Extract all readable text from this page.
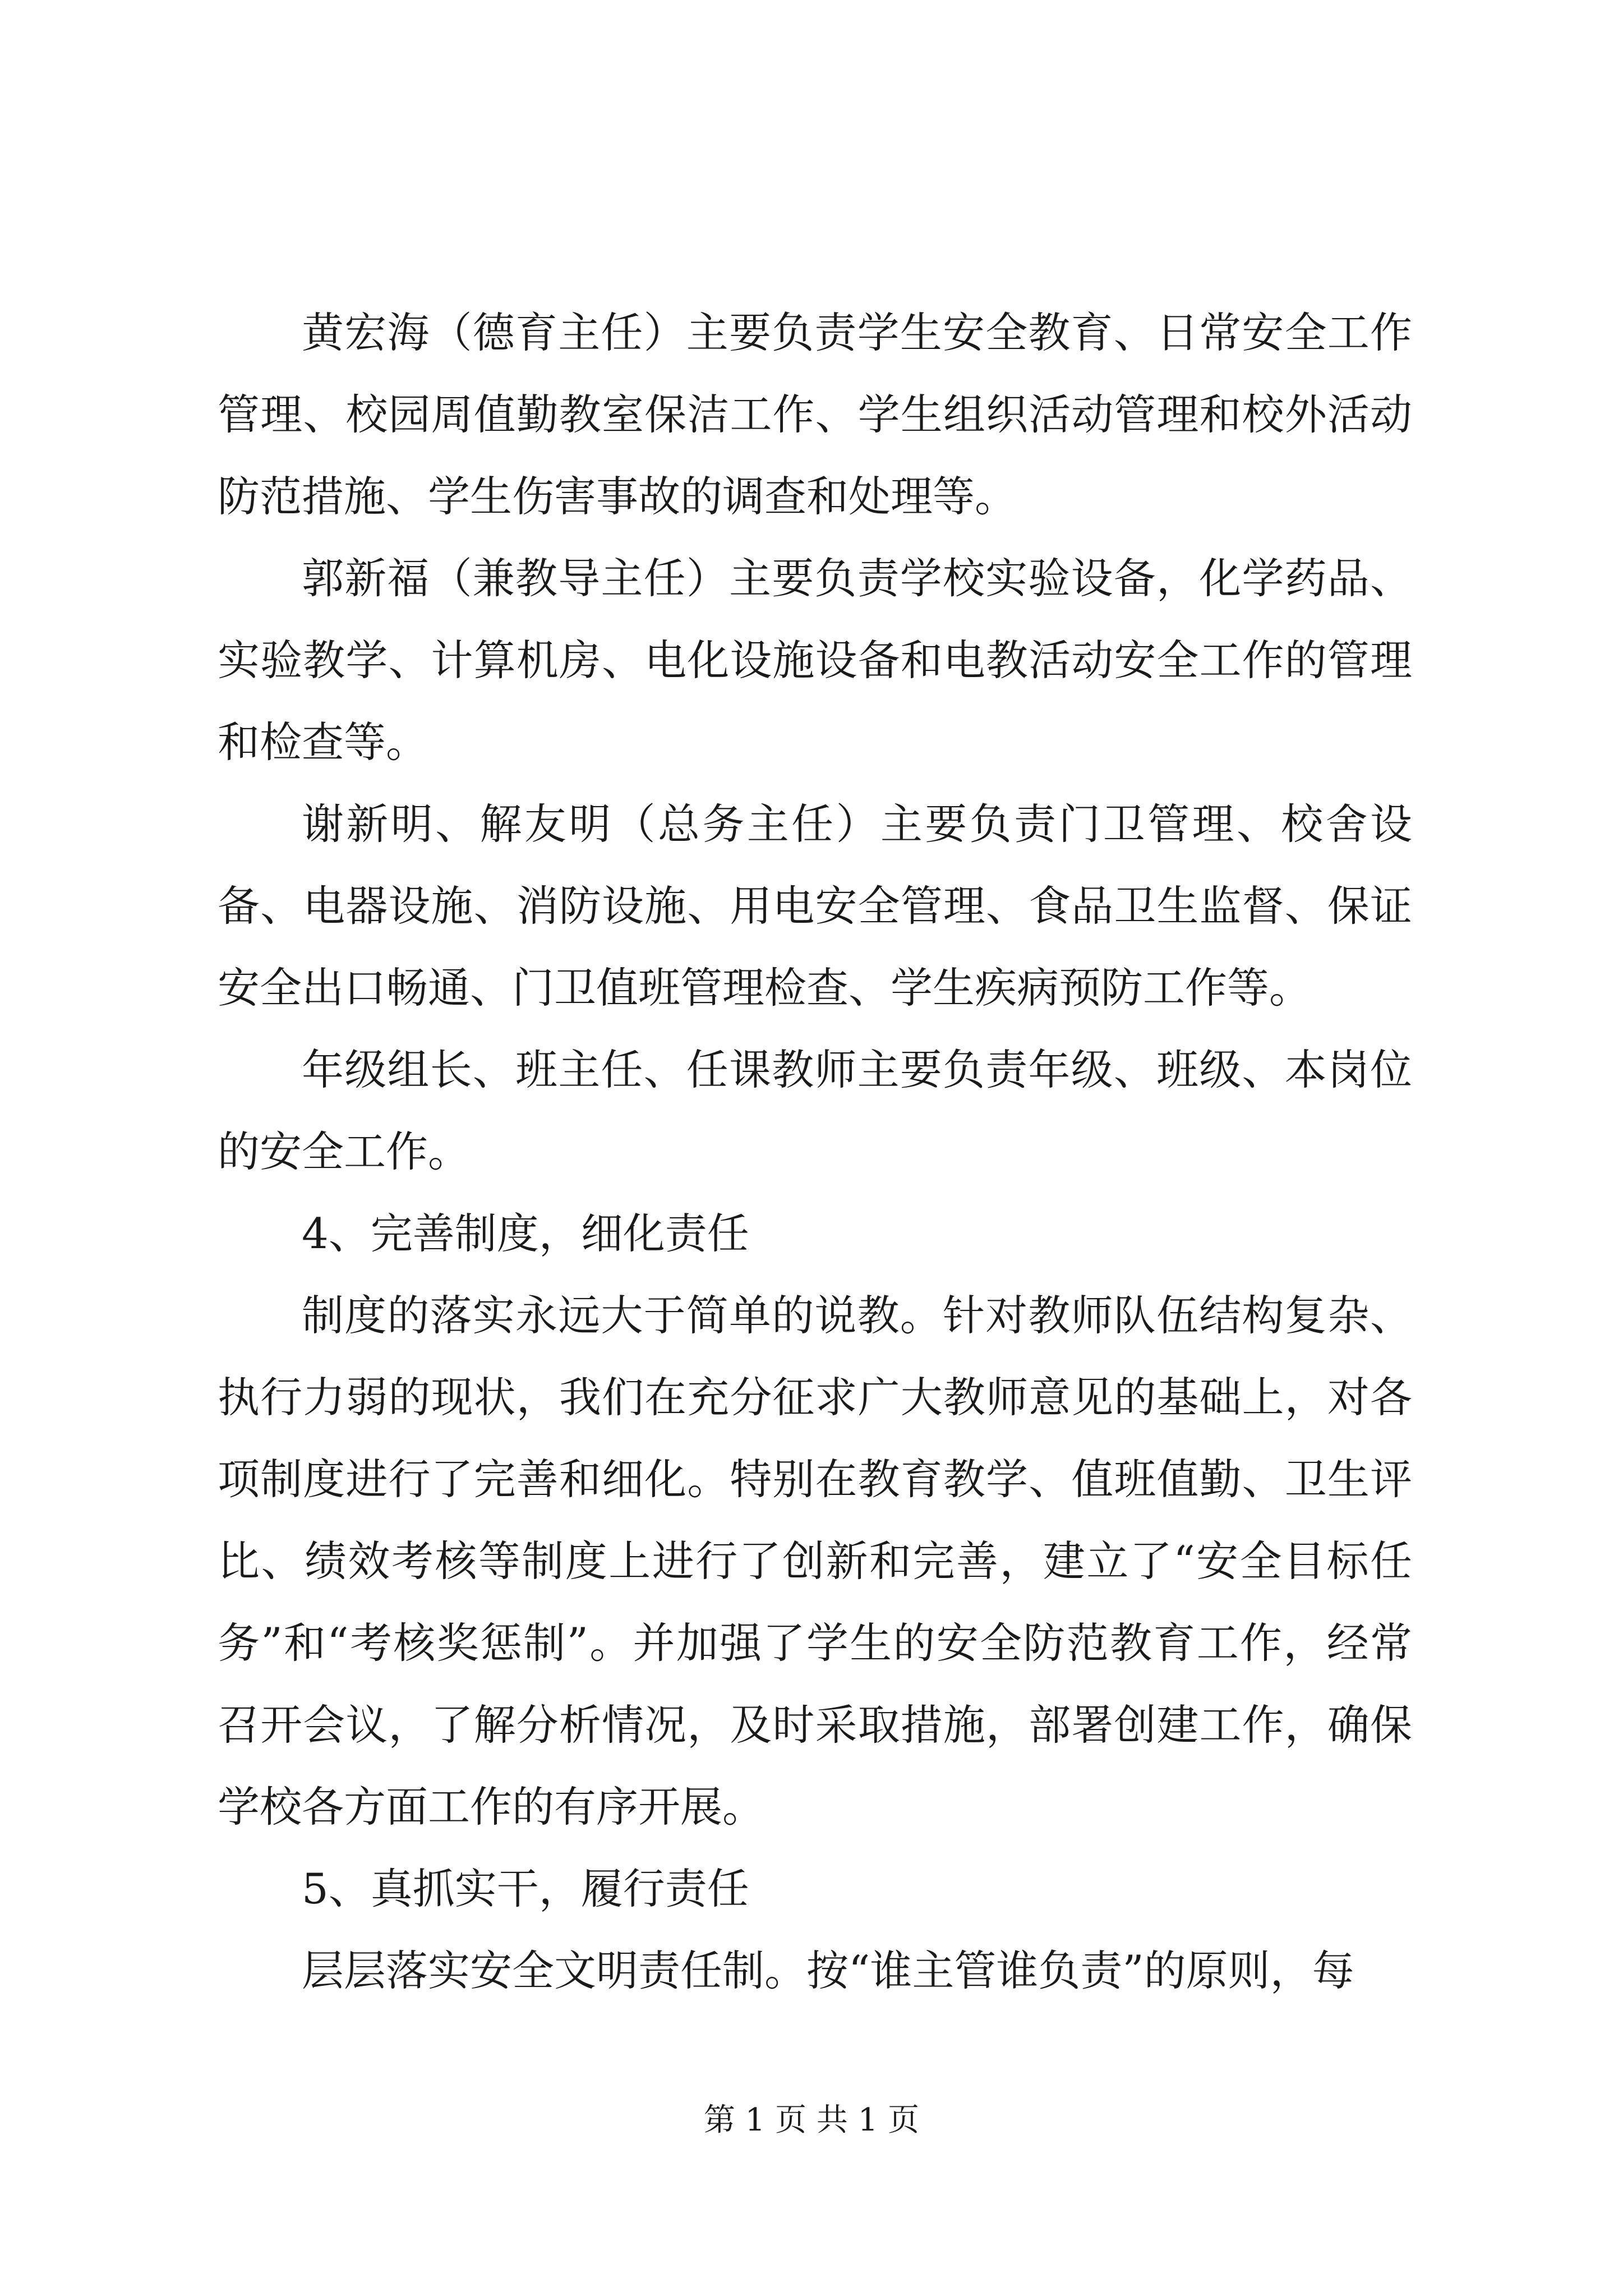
黄宏海（德育主任）主要负责学生安全教育、日常安全工作管理、校园周值勤教室保洁工作、学生组织活动管理和校外活动防范措施、学生伤害事故的调查和处理等。

郭新福（兼教导主任）主要负责学校实验设备，化学药品、实验教学、计算机房、电化设施设备和电教活动安全工作的管理和检查等。

谢新明、解友明（总务主任）主要负责门卫管理、校舍设备、电器设施、消防设施、用电安全管理、食品卫生监督、保证安全出口畅通、门卫值班管理检查、学生疾病预防工作等。

年级组长、班主任、任课教师主要负责年级、班级、本岗位的安全工作。

4、完善制度，细化责任

制度的落实永远大于简单的说教。针对教师队伍结构复杂、执行力弱的现状，我们在充分征求广大教师意见的基础上，对各项制度进行了完善和细化。特别在教育教学、值班值勤、卫生评比、绩效考核等制度上进行了创新和完善，建立了“安全目标任务”和“考核奖惩制”。并加强了学生的安全防范教育工作，经常召开会议，了解分析情况，及时采取措施，部署创建工作，确保学校各方面工作的有序开展。

5、真抓实干，履行责任

层层落实安全文明责任制。按“谁主管谁负责”的原则，每

第 1 页 共 1 页
